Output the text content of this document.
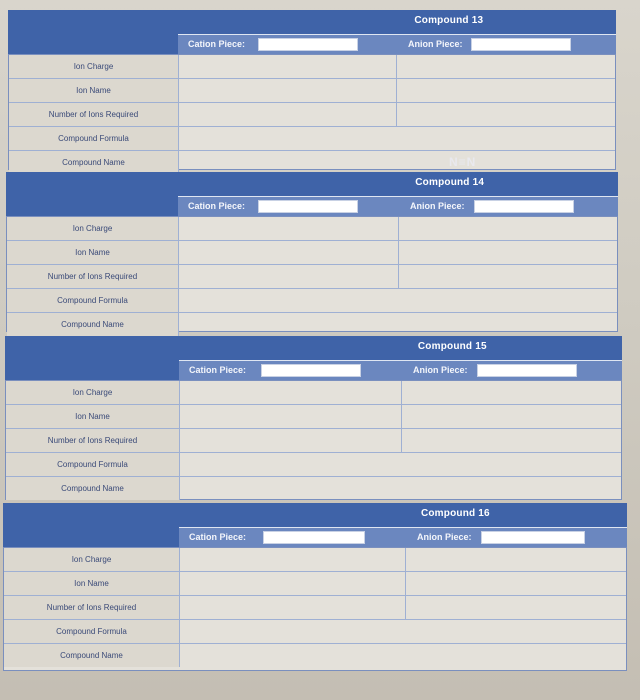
Compound 13
Cation Piece:	Anion Piece:
Ion Charge
Ion Name
Number of Ions Required
Compound Formula
Compound Name	N≡N
Compound 14
Cation Piece:	Anion Piece:
Ion Charge
Ion Name
Number of Ions Required
Compound Formula
Compound Name
Compound 15
Cation Piece:	Anion Piece:
Ion Charge
Ion Name
Number of Ions Required
Compound Formula
Compound Name
Compound 16
Cation Piece:	Anion Piece:
Ion Charge
Ion Name
Number of Ions Required
Compound Formula
Compound Name
